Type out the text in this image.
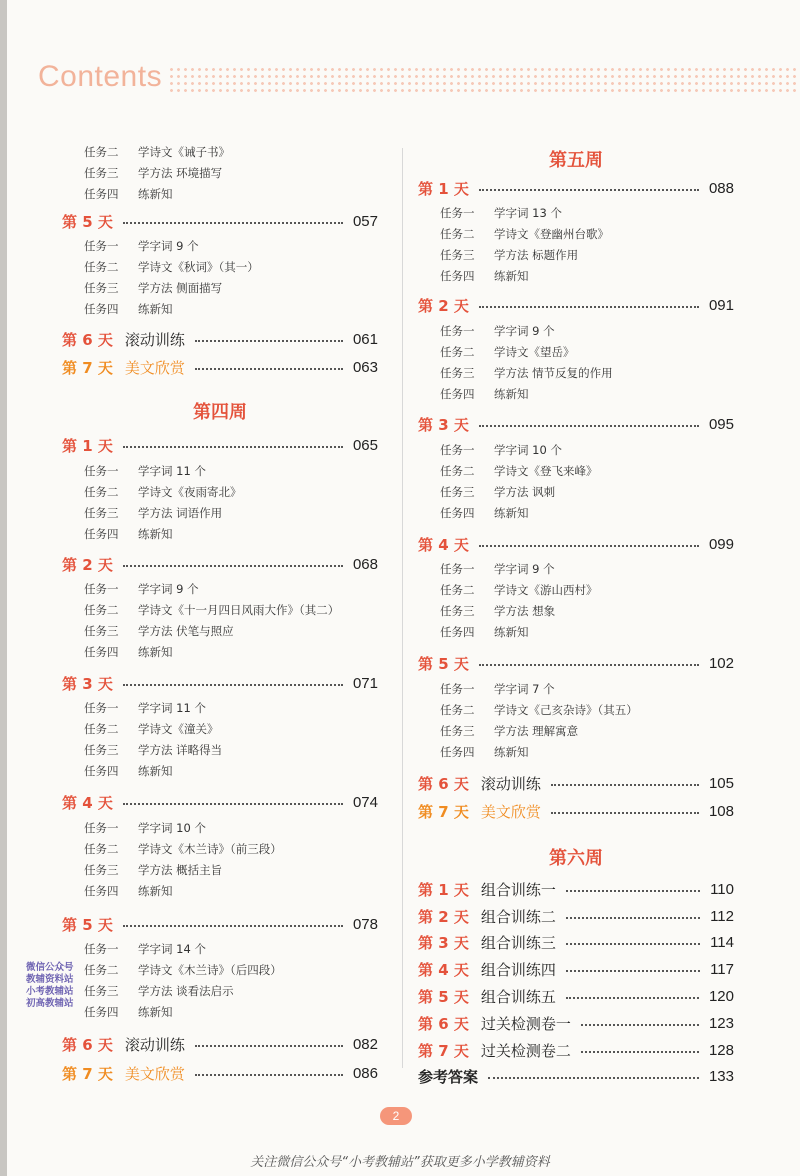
Contents
任务二 学诗文《诫子书》
任务三 学方法 环境描写
任务四 练新知
第 5 天	057
任务一 学字词 9 个
任务二 学诗文《秋词》（其一）
任务三 学方法 侧面描写
任务四 练新知
第 6 天 滚动训练	061
第 7 天 美文欣赏	063
第四周
第 1 天	065
任务一 学字词 11 个
任务二 学诗文《夜雨寄北》
任务三 学方法 词语作用
任务四 练新知
第 2 天	068
任务一 学字词 9 个
任务二 学诗文《十一月四日风雨大作》（其二）
任务三 学方法 伏笔与照应
任务四 练新知
第 3 天	071
任务一 学字词 11 个
任务二 学诗文《潼关》
任务三 学方法 详略得当
任务四 练新知
第 4 天	074
任务一 学字词 10 个
任务二 学诗文《木兰诗》（前三段）
任务三 学方法 概括主旨
任务四 练新知
第 5 天	078
任务一 学字词 14 个
任务二 学诗文《木兰诗》（后四段）
任务三 学方法 谈看法启示
任务四 练新知
第 6 天 滚动训练	082
第 7 天 美文欣赏	086
第五周
第 1 天	088
任务一 学字词 13 个
任务二 学诗文《登幽州台歌》
任务三 学方法 标题作用
任务四 练新知
第 2 天	091
任务一 学字词 9 个
任务二 学诗文《望岳》
任务三 学方法 情节反复的作用
任务四 练新知
第 3 天	095
任务一 学字词 10 个
任务二 学诗文《登飞来峰》
任务三 学方法 讽刺
任务四 练新知
第 4 天	099
任务一 学字词 9 个
任务二 学诗文《游山西村》
任务三 学方法 想象
任务四 练新知
第 5 天	102
任务一 学字词 7 个
任务二 学诗文《己亥杂诗》（其五）
任务三 学方法 理解寓意
任务四 练新知
第 6 天 滚动训练	105
第 7 天 美文欣赏	108
第六周
第 1 天 组合训练一	110
第 2 天 组合训练二	112
第 3 天 组合训练三	114
第 4 天 组合训练四	117
第 5 天 组合训练五	120
第 6 天 过关检测卷一	123
第 7 天 过关检测卷二	128
参考答案	133
微信公众号 教辅资料站 小考教辅站 初高教辅站
2
关注微信公众号“小考教辅站”获取更多小学教辅资料
